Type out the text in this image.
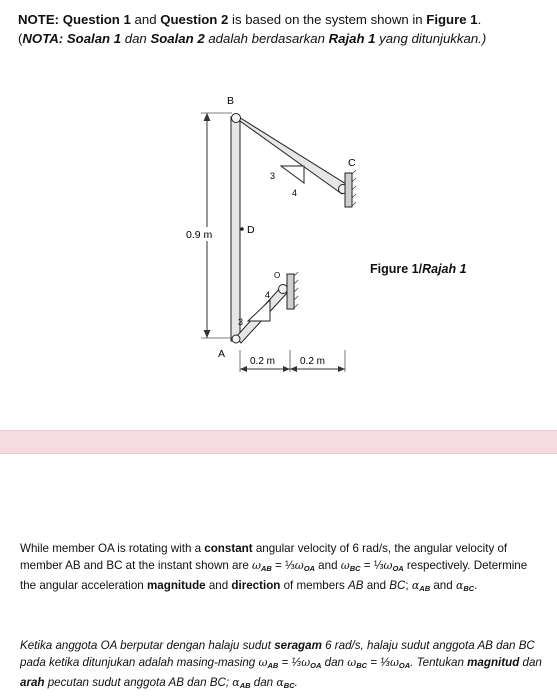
NOTE: Question 1 and Question 2 is based on the system shown in Figure 1.
(NOTA: Soalan 1 dan Soalan 2 adalah berdasarkan Rajah 1 yang ditunjukkan.)
0.9 m
3
4
4
3
B
C
D
A
O
0.2 m 0.2 m
Figure 1/Rajah 1
While member OA is rotating with a constant angular velocity of 6 rad/s, the angular velocity of member AB and BC at the instant shown are $\omega_{AB}$ = $\frac{1}{3}\omega_{OA}$ and $\omega_{BC}$ = $\frac{1}{3}\omega_{OA}$ respectively. Determine the angular acceleration magnitude and direction of members AB and BC; $\alpha_{AB}$ and $\alpha_{BC}$.
Ketika anggota OA berputar dengan halaju sudut seragam 6 rad/s, halaju sudut anggota AB dan BC pada ketika ditunjukan adalah masing-masing $\omega_{AB}$ = $\frac{1}{3}\omega_{OA}$ dan $\omega_{BC}$ = $\frac{1}{3}\omega_{OA}$. Tentukan magnitud dan arah pecutan sudut anggota AB dan BC; $\alpha_{AB}$ dan $\alpha_{BC}$.
